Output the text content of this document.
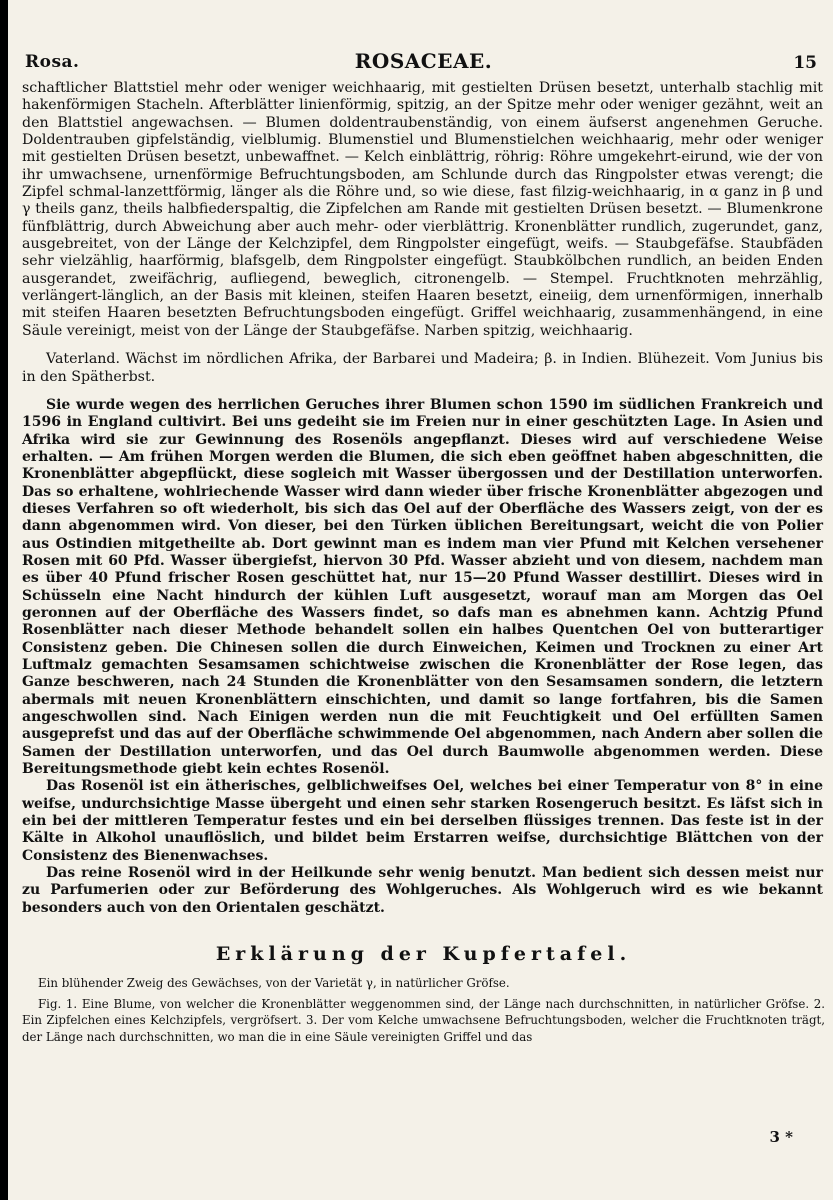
Rosa.	ROSACEAE.	15

schaftlicher Blattstiel mehr oder weniger weichhaarig, mit gestielten Drüsen besetzt, unterhalb stachlig mit hakenförmigen Stacheln. Afterblätter linienförmig, spitzig, an der Spitze mehr oder weniger gezähnt, weit an den Blattstiel angewachsen. — Blumen doldentraubenständig, von einem äufserst angenehmen Geruche. Doldentrauben gipfelständig, vielblumig. Blumenstiel und Blumenstielchen weichhaarig, mehr oder weniger mit gestielten Drüsen besetzt, unbewaffnet. — Kelch einblättrig, röhrig: Röhre umgekehrt-eirund, wie der von ihr umwachsene, urnenförmige Befruchtungsboden, am Schlunde durch das Ringpolster etwas verengt; die Zipfel schmal-lanzettförmig, länger als die Röhre und, so wie diese, fast filzig-weichhaarig, in α ganz in β und γ theils ganz, theils halbfiederspaltig, die Zipfelchen am Rande mit gestielten Drüsen besetzt. — Blumenkrone fünfblättrig, durch Abweichung aber auch mehr- oder vierblättrig. Kronenblätter rundlich, zugerundet, ganz, ausgebreitet, von der Länge der Kelchzipfel, dem Ringpolster eingefügt, weifs. — Staubgefäfse. Staubfäden sehr vielzählig, haarförmig, blafsgelb, dem Ringpolster eingefügt. Staubkölbchen rundlich, an beiden Enden ausgerandet, zweifächrig, aufliegend, beweglich, citronengelb. — Stempel. Fruchtknoten mehrzählig, verlängert-länglich, an der Basis mit kleinen, steifen Haaren besetzt, eineiig, dem urnenförmigen, innerhalb mit steifen Haaren besetzten Befruchtungsboden eingefügt. Griffel weichhaarig, zusammenhängend, in eine Säule vereinigt, meist von der Länge der Staubgefäfse. Narben spitzig, weichhaarig.

Vaterland. Wächst im nördlichen Afrika, der Barbarei und Madeira; β. in Indien. Blühezeit. Vom Junius bis in den Spätherbst.

Sie wurde wegen des herrlichen Geruches ihrer Blumen schon 1590 im südlichen Frankreich und 1596 in England cultivirt. Bei uns gedeiht sie im Freien nur in einer geschützten Lage. In Asien und Afrika wird sie zur Gewinnung des Rosenöls angepflanzt. Dieses wird auf verschiedene Weise erhalten. — Am frühen Morgen werden die Blumen, die sich eben geöffnet haben abgeschnitten, die Kronenblätter abgepflückt, diese sogleich mit Wasser übergossen und der Destillation unterworfen. Das so erhaltene, wohlriechende Wasser wird dann wieder über frische Kronenblätter abgezogen und dieses Verfahren so oft wiederholt, bis sich das Oel auf der Oberfläche des Wassers zeigt, von der es dann abgenommen wird. Von dieser, bei den Türken üblichen Bereitungsart, weicht die von Polier aus Ostindien mitgetheilte ab. Dort gewinnt man es indem man vier Pfund mit Kelchen versehener Rosen mit 60 Pfd. Wasser übergiefst, hiervon 30 Pfd. Wasser abzieht und von diesem, nachdem man es über 40 Pfund frischer Rosen geschüttet hat, nur 15—20 Pfund Wasser destillirt. Dieses wird in Schüsseln eine Nacht hindurch der kühlen Luft ausgesetzt, worauf man am Morgen das Oel geronnen auf der Oberfläche des Wassers findet, so dafs man es abnehmen kann. Achtzig Pfund Rosenblätter nach dieser Methode behandelt sollen ein halbes Quentchen Oel von butterartiger Consistenz geben. Die Chinesen sollen die durch Einweichen, Keimen und Trocknen zu einer Art Luftmalz gemachten Sesamsamen schichtweise zwischen die Kronenblätter der Rose legen, das Ganze beschweren, nach 24 Stunden die Kronenblätter von den Sesamsamen sondern, die letztern abermals mit neuen Kronenblättern einschichten, und damit so lange fortfahren, bis die Samen angeschwollen sind. Nach Einigen werden nun die mit Feuchtigkeit und Oel erfüllten Samen ausgeprefst und das auf der Oberfläche schwimmende Oel abgenommen, nach Andern aber sollen die Samen der Destillation unterworfen, und das Oel durch Baumwolle abgenommen werden. Diese Bereitungsmethode giebt kein echtes Rosenöl.

Das Rosenöl ist ein ätherisches, gelblichweifses Oel, welches bei einer Temperatur von 8° in eine weifse, undurchsichtige Masse übergeht und einen sehr starken Rosengeruch besitzt. Es läfst sich in ein bei der mittleren Temperatur festes und ein bei derselben flüssiges trennen. Das feste ist in der Kälte in Alkohol unauflöslich, und bildet beim Erstarren weifse, durchsichtige Blättchen von der Consistenz des Bienenwachses.

Das reine Rosenöl wird in der Heilkunde sehr wenig benutzt. Man bedient sich dessen meist nur zu Parfumerien oder zur Beförderung des Wohlgeruches. Als Wohlgeruch wird es wie bekannt besonders auch von den Orientalen geschätzt.

Erklärung der Kupfertafel.

Ein blühender Zweig des Gewächses, von der Varietät γ, in natürlicher Gröfse.

Fig. 1. Eine Blume, von welcher die Kronenblätter weggenommen sind, der Länge nach durchschnitten, in natürlicher Gröfse. 2. Ein Zipfelchen eines Kelchzipfels, vergröfsert. 3. Der vom Kelche umwachsene Befruchtungsboden, welcher die Fruchtknoten trägt, der Länge nach durchschnitten, wo man die in eine Säule vereinigten Griffel und das

3 *
